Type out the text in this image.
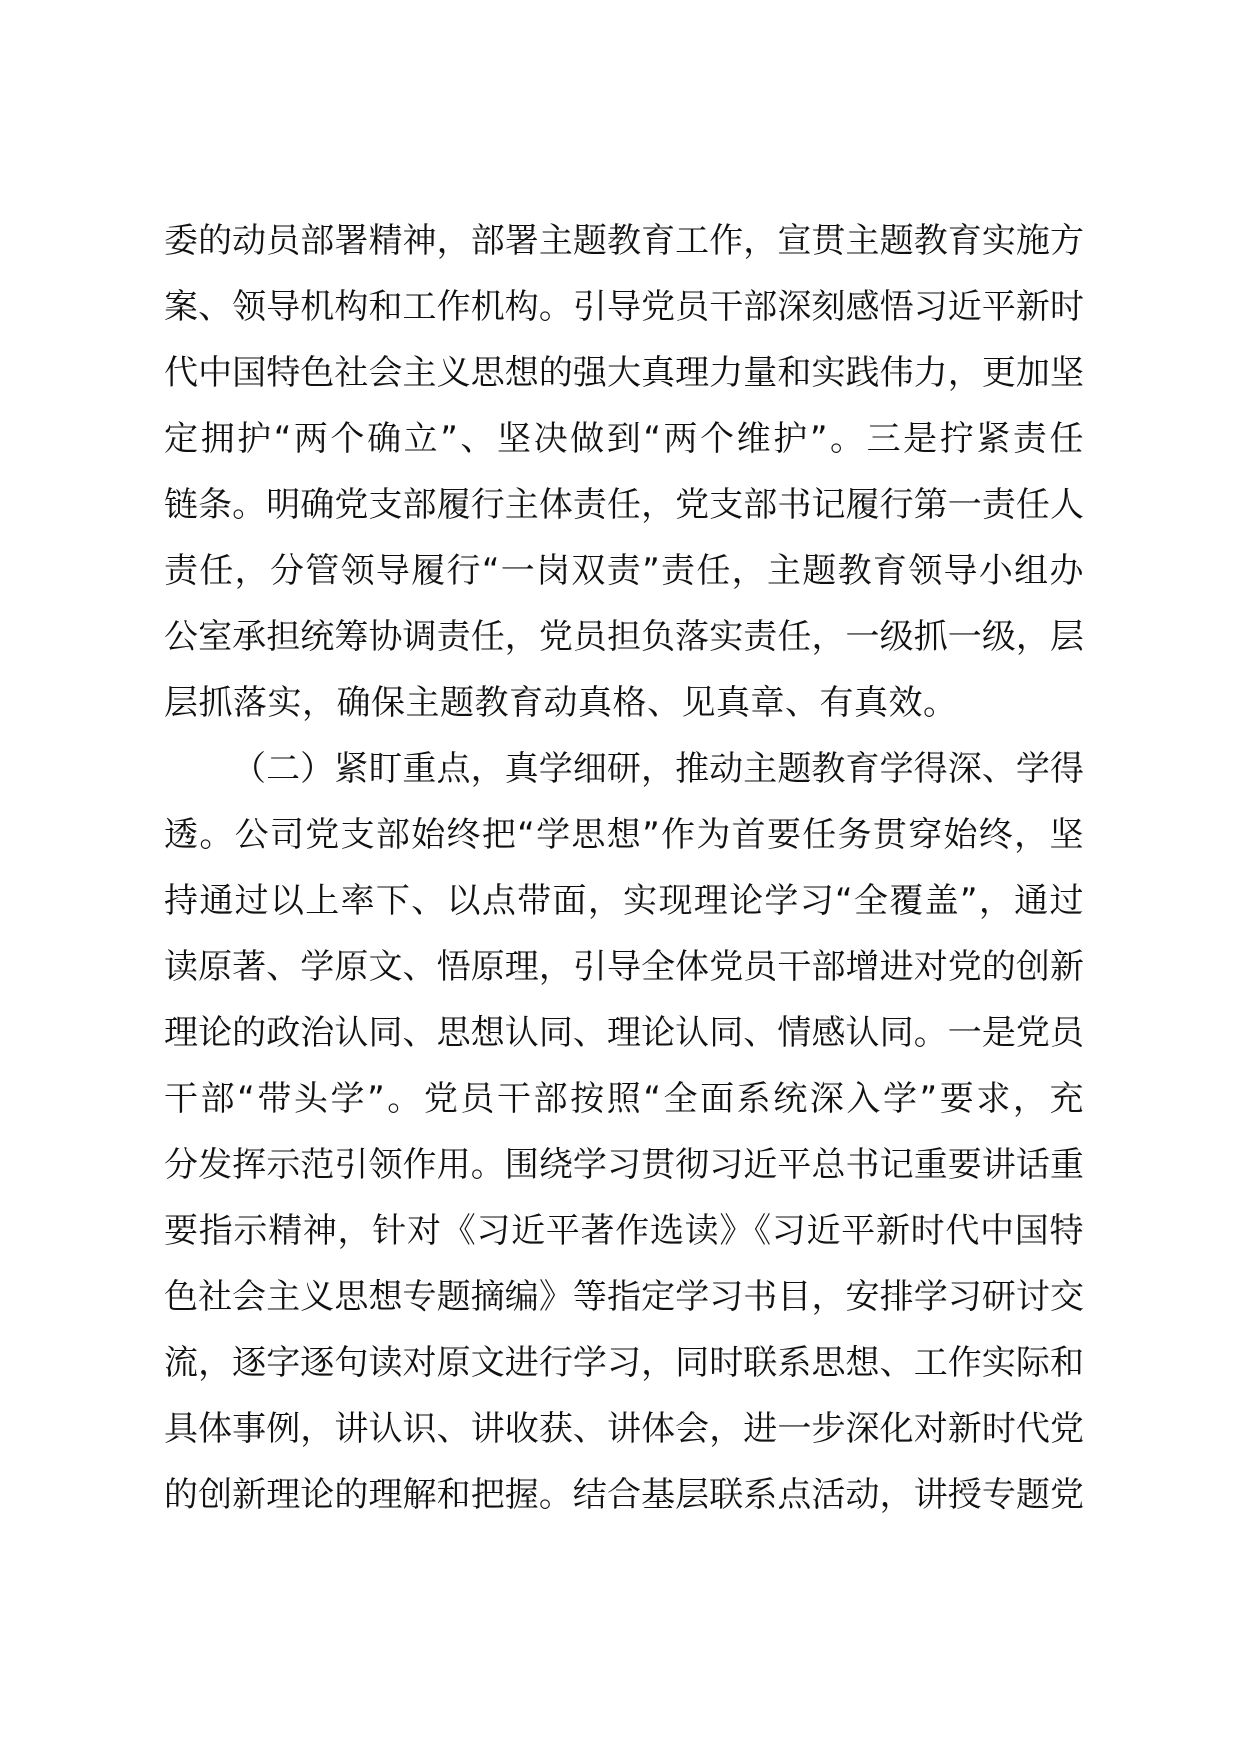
委的动员部署精神，部署主题教育工作，宣贯主题教育实施方
案、领导机构和工作机构。引导党员干部深刻感悟习近平新时
代中国特色社会主义思想的强大真理力量和实践伟力，更加坚
定拥护“两个确立”、坚决做到“两个维护”。三是拧紧责任
链条。明确党支部履行主体责任，党支部书记履行第一责任人
责任，分管领导履行“一岗双责”责任，主题教育领导小组办
公室承担统筹协调责任，党员担负落实责任，一级抓一级，层
层抓落实，确保主题教育动真格、见真章、有真效。
（二）紧盯重点，真学细研，推动主题教育学得深、学得
透。公司党支部始终把“学思想”作为首要任务贯穿始终，坚
持通过以上率下、以点带面，实现理论学习“全覆盖”，通过
读原著、学原文、悟原理，引导全体党员干部增进对党的创新
理论的政治认同、思想认同、理论认同、情感认同。一是党员
干部“带头学”。党员干部按照“全面系统深入学”要求，充
分发挥示范引领作用。围绕学习贯彻习近平总书记重要讲话重
要指示精神，针对《习近平著作选读》《习近平新时代中国特
色社会主义思想专题摘编》等指定学习书目，安排学习研讨交
流，逐字逐句读对原文进行学习，同时联系思想、工作实际和
具体事例，讲认识、讲收获、讲体会，进一步深化对新时代党
的创新理论的理解和把握。结合基层联系点活动，讲授专题党
